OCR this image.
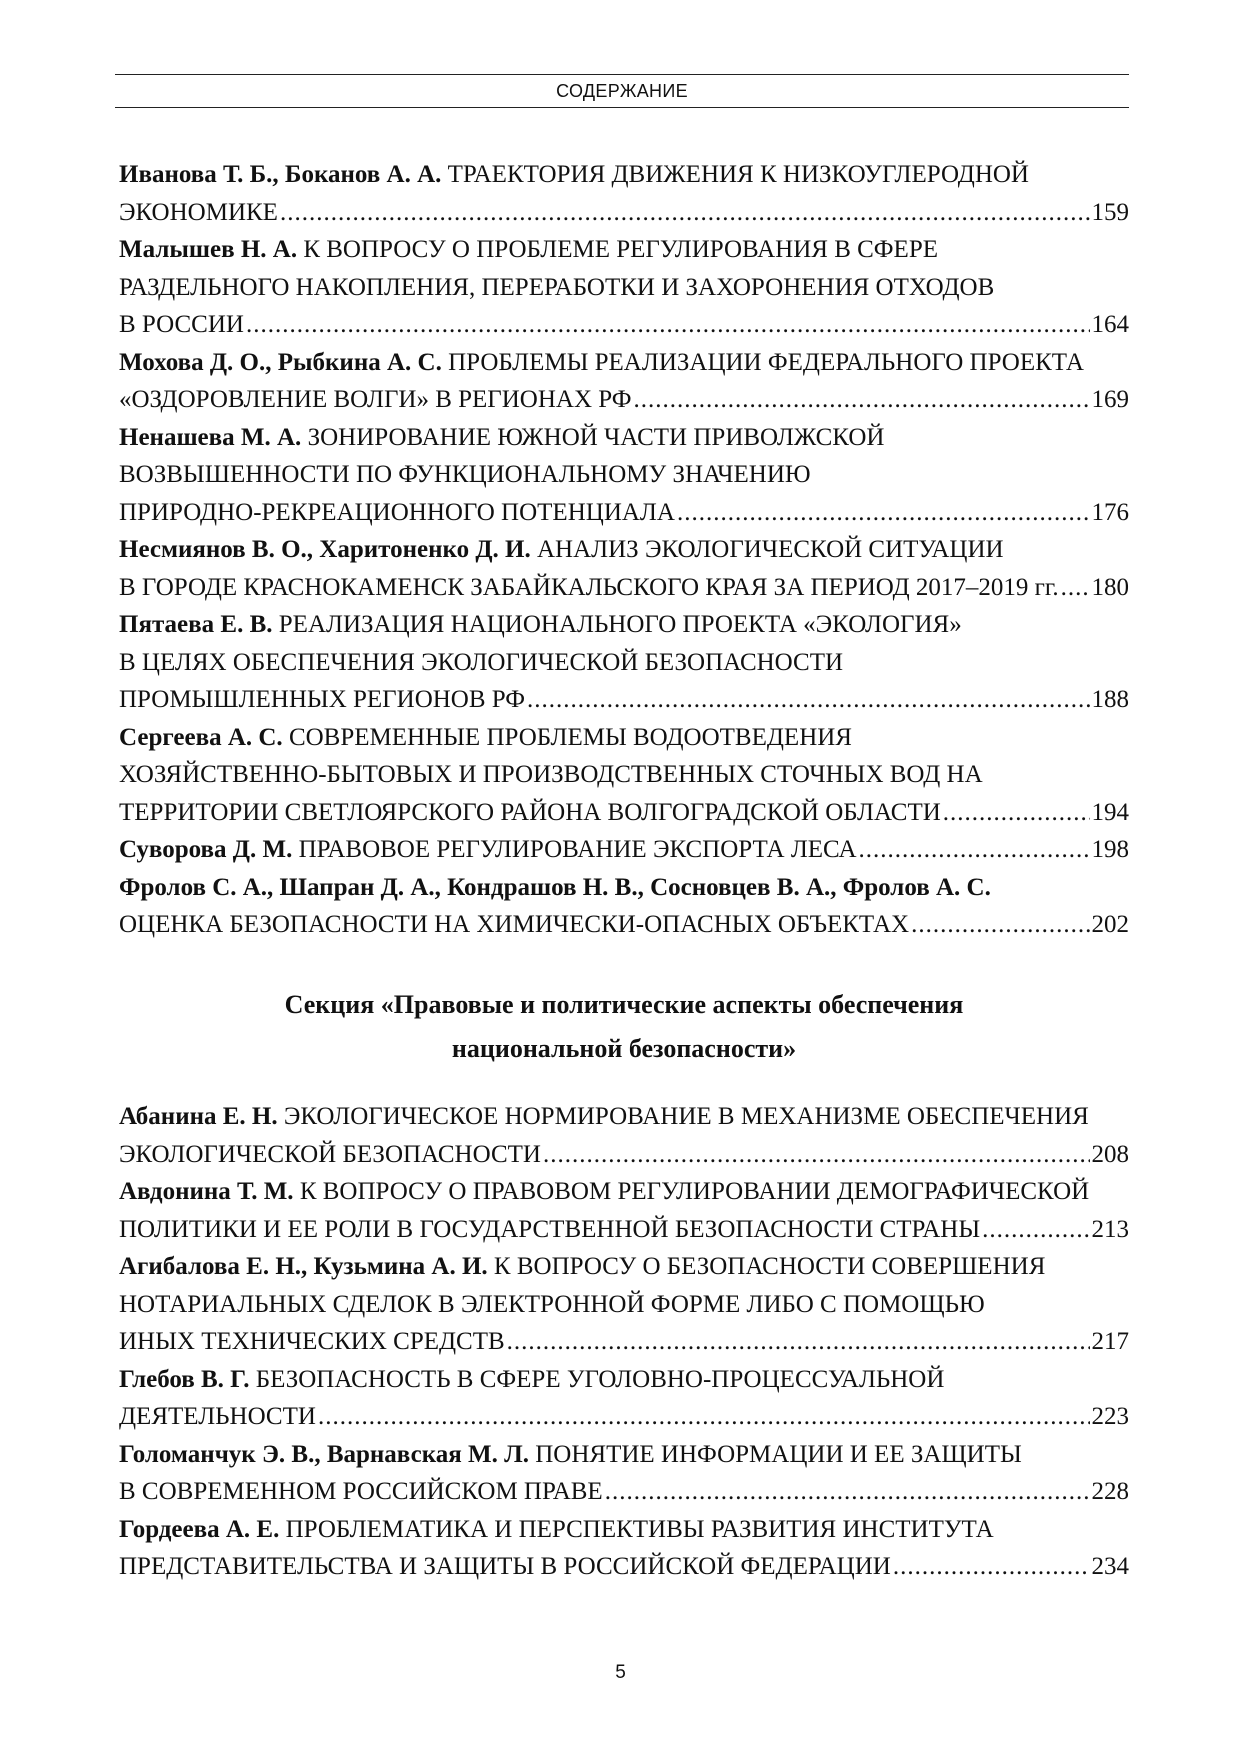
СОДЕРЖАНИЕ
Иванова Т. Б., Боканов А. А. ТРАЕКТОРИЯ ДВИЖЕНИЯ К НИЗКОУГЛЕРОДНОЙ
ЭКОНОМИКЕ .....	159
Малышев Н. А. К ВОПРОСУ О ПРОБЛЕМЕ РЕГУЛИРОВАНИЯ В СФЕРЕ
РАЗДЕЛЬНОГО НАКОПЛЕНИЯ, ПЕРЕРАБОТКИ И ЗАХОРОНЕНИЯ ОТХОДОВ
В РОССИИ .....	164
Мохова Д. О., Рыбкина А. С. ПРОБЛЕМЫ РЕАЛИЗАЦИИ ФЕДЕРАЛЬНОГО ПРОЕКТА
«ОЗДОРОВЛЕНИЕ ВОЛГИ» В РЕГИОНАХ РФ .....	169
Ненашева М. А. ЗОНИРОВАНИЕ ЮЖНОЙ ЧАСТИ ПРИВОЛЖСКОЙ
ВОЗВЫШЕННОСТИ ПО ФУНКЦИОНАЛЬНОМУ ЗНАЧЕНИЮ
ПРИРОДНО-РЕКРЕАЦИОННОГО ПОТЕНЦИАЛА .....	176
Несмиянов В. О., Харитоненко Д. И. АНАЛИЗ ЭКОЛОГИЧЕСКОЙ СИТУАЦИИ
В ГОРОДЕ КРАСНОКАМЕНСК ЗАБАЙКАЛЬСКОГО КРАЯ ЗА ПЕРИОД 2017–2019 гг. ..... 180
Пятаева Е. В. РЕАЛИЗАЦИЯ НАЦИОНАЛЬНОГО ПРОЕКТА «ЭКОЛОГИЯ»
В ЦЕЛЯХ ОБЕСПЕЧЕНИЯ ЭКОЛОГИЧЕСКОЙ БЕЗОПАСНОСТИ
ПРОМЫШЛЕННЫХ РЕГИОНОВ РФ .....	188
Сергеева А. С. СОВРЕМЕННЫЕ ПРОБЛЕМЫ ВОДООТВЕДЕНИЯ
ХОЗЯЙСТВЕННО-БЫТОВЫХ И ПРОИЗВОДСТВЕННЫХ СТОЧНЫХ ВОД НА
ТЕРРИТОРИИ СВЕТЛОЯРСКОГО РАЙОНА ВОЛГОГРАДСКОЙ ОБЛАСТИ .....	194
Суворова Д. М. ПРАВОВОЕ РЕГУЛИРОВАНИЕ ЭКСПОРТА ЛЕСА .....	198
Фролов С. А., Шапран Д. А., Кондрашов Н. В., Сосновцев В. А., Фролов А. С.
ОЦЕНКА БЕЗОПАСНОСТИ НА ХИМИЧЕСКИ-ОПАСНЫХ ОБЪЕКТАХ .....	202
Секция «Правовые и политические аспекты обеспечения
национальной безопасности»
Абанина Е. Н. ЭКОЛОГИЧЕСКОЕ НОРМИРОВАНИЕ В МЕХАНИЗМЕ ОБЕСПЕЧЕНИЯ
ЭКОЛОГИЧЕСКОЙ БЕЗОПАСНОСТИ .....	208
Авдонина Т. М. К ВОПРОСУ О ПРАВОВОМ РЕГУЛИРОВАНИИ ДЕМОГРАФИЧЕСКОЙ
ПОЛИТИКИ И ЕЕ РОЛИ В ГОСУДАРСТВЕННОЙ БЕЗОПАСНОСТИ СТРАНЫ .....	213
Агибалова Е. Н., Кузьмина А. И. К ВОПРОСУ О БЕЗОПАСНОСТИ СОВЕРШЕНИЯ
НОТАРИАЛЬНЫХ СДЕЛОК В ЭЛЕКТРОННОЙ ФОРМЕ ЛИБО С ПОМОЩЬЮ
ИНЫХ ТЕХНИЧЕСКИХ СРЕДСТВ .....	217
Глебов В. Г. БЕЗОПАСНОСТЬ В СФЕРЕ УГОЛОВНО-ПРОЦЕССУАЛЬНОЙ
ДЕЯТЕЛЬНОСТИ .....	223
Голоманчук Э. В., Варнавская М. Л. ПОНЯТИЕ ИНФОРМАЦИИ И ЕЕ ЗАЩИТЫ
В СОВРЕМЕННОМ РОССИЙСКОМ ПРАВЕ .....	228
Гордеева А. Е. ПРОБЛЕМАТИКА И ПЕРСПЕКТИВЫ РАЗВИТИЯ ИНСТИТУТА
ПРЕДСТАВИТЕЛЬСТВА И ЗАЩИТЫ В РОССИЙСКОЙ ФЕДЕРАЦИИ .....	234
5
